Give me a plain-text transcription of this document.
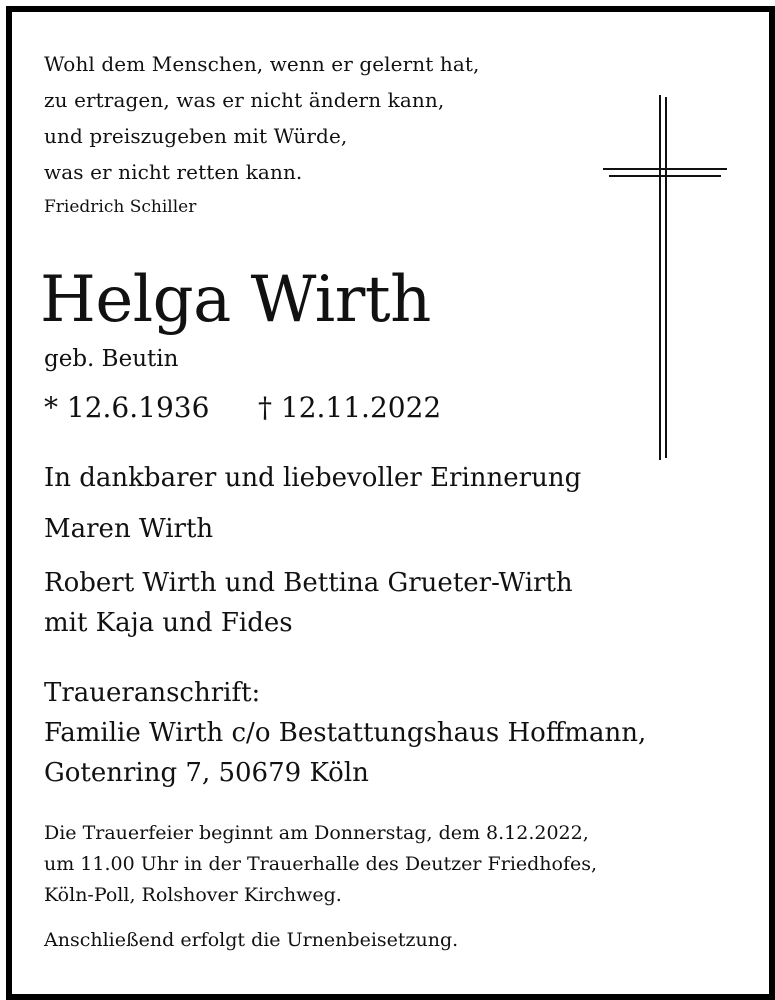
Wohl dem Menschen, wenn er gelernt hat,
zu ertragen, was er nicht ändern kann,
und preiszugeben mit Würde,
was er nicht retten kann.
Friedrich Schiller
Helga Wirth
geb. Beutin
* 12.6.1936 † 12.11.2022
In dankbarer und liebevoller Erinnerung
Maren Wirth
Robert Wirth und Bettina Grueter-Wirth
mit Kaja und Fides
Traueranschrift:
Familie Wirth c/o Bestattungshaus Hoffmann,
Gotenring 7, 50679 Köln
Die Trauerfeier beginnt am Donnerstag, dem 8.12.2022,
um 11.00 Uhr in der Trauerhalle des Deutzer Friedhofes,
Köln-Poll, Rolshover Kirchweg.
Anschließend erfolgt die Urnenbeisetzung.
